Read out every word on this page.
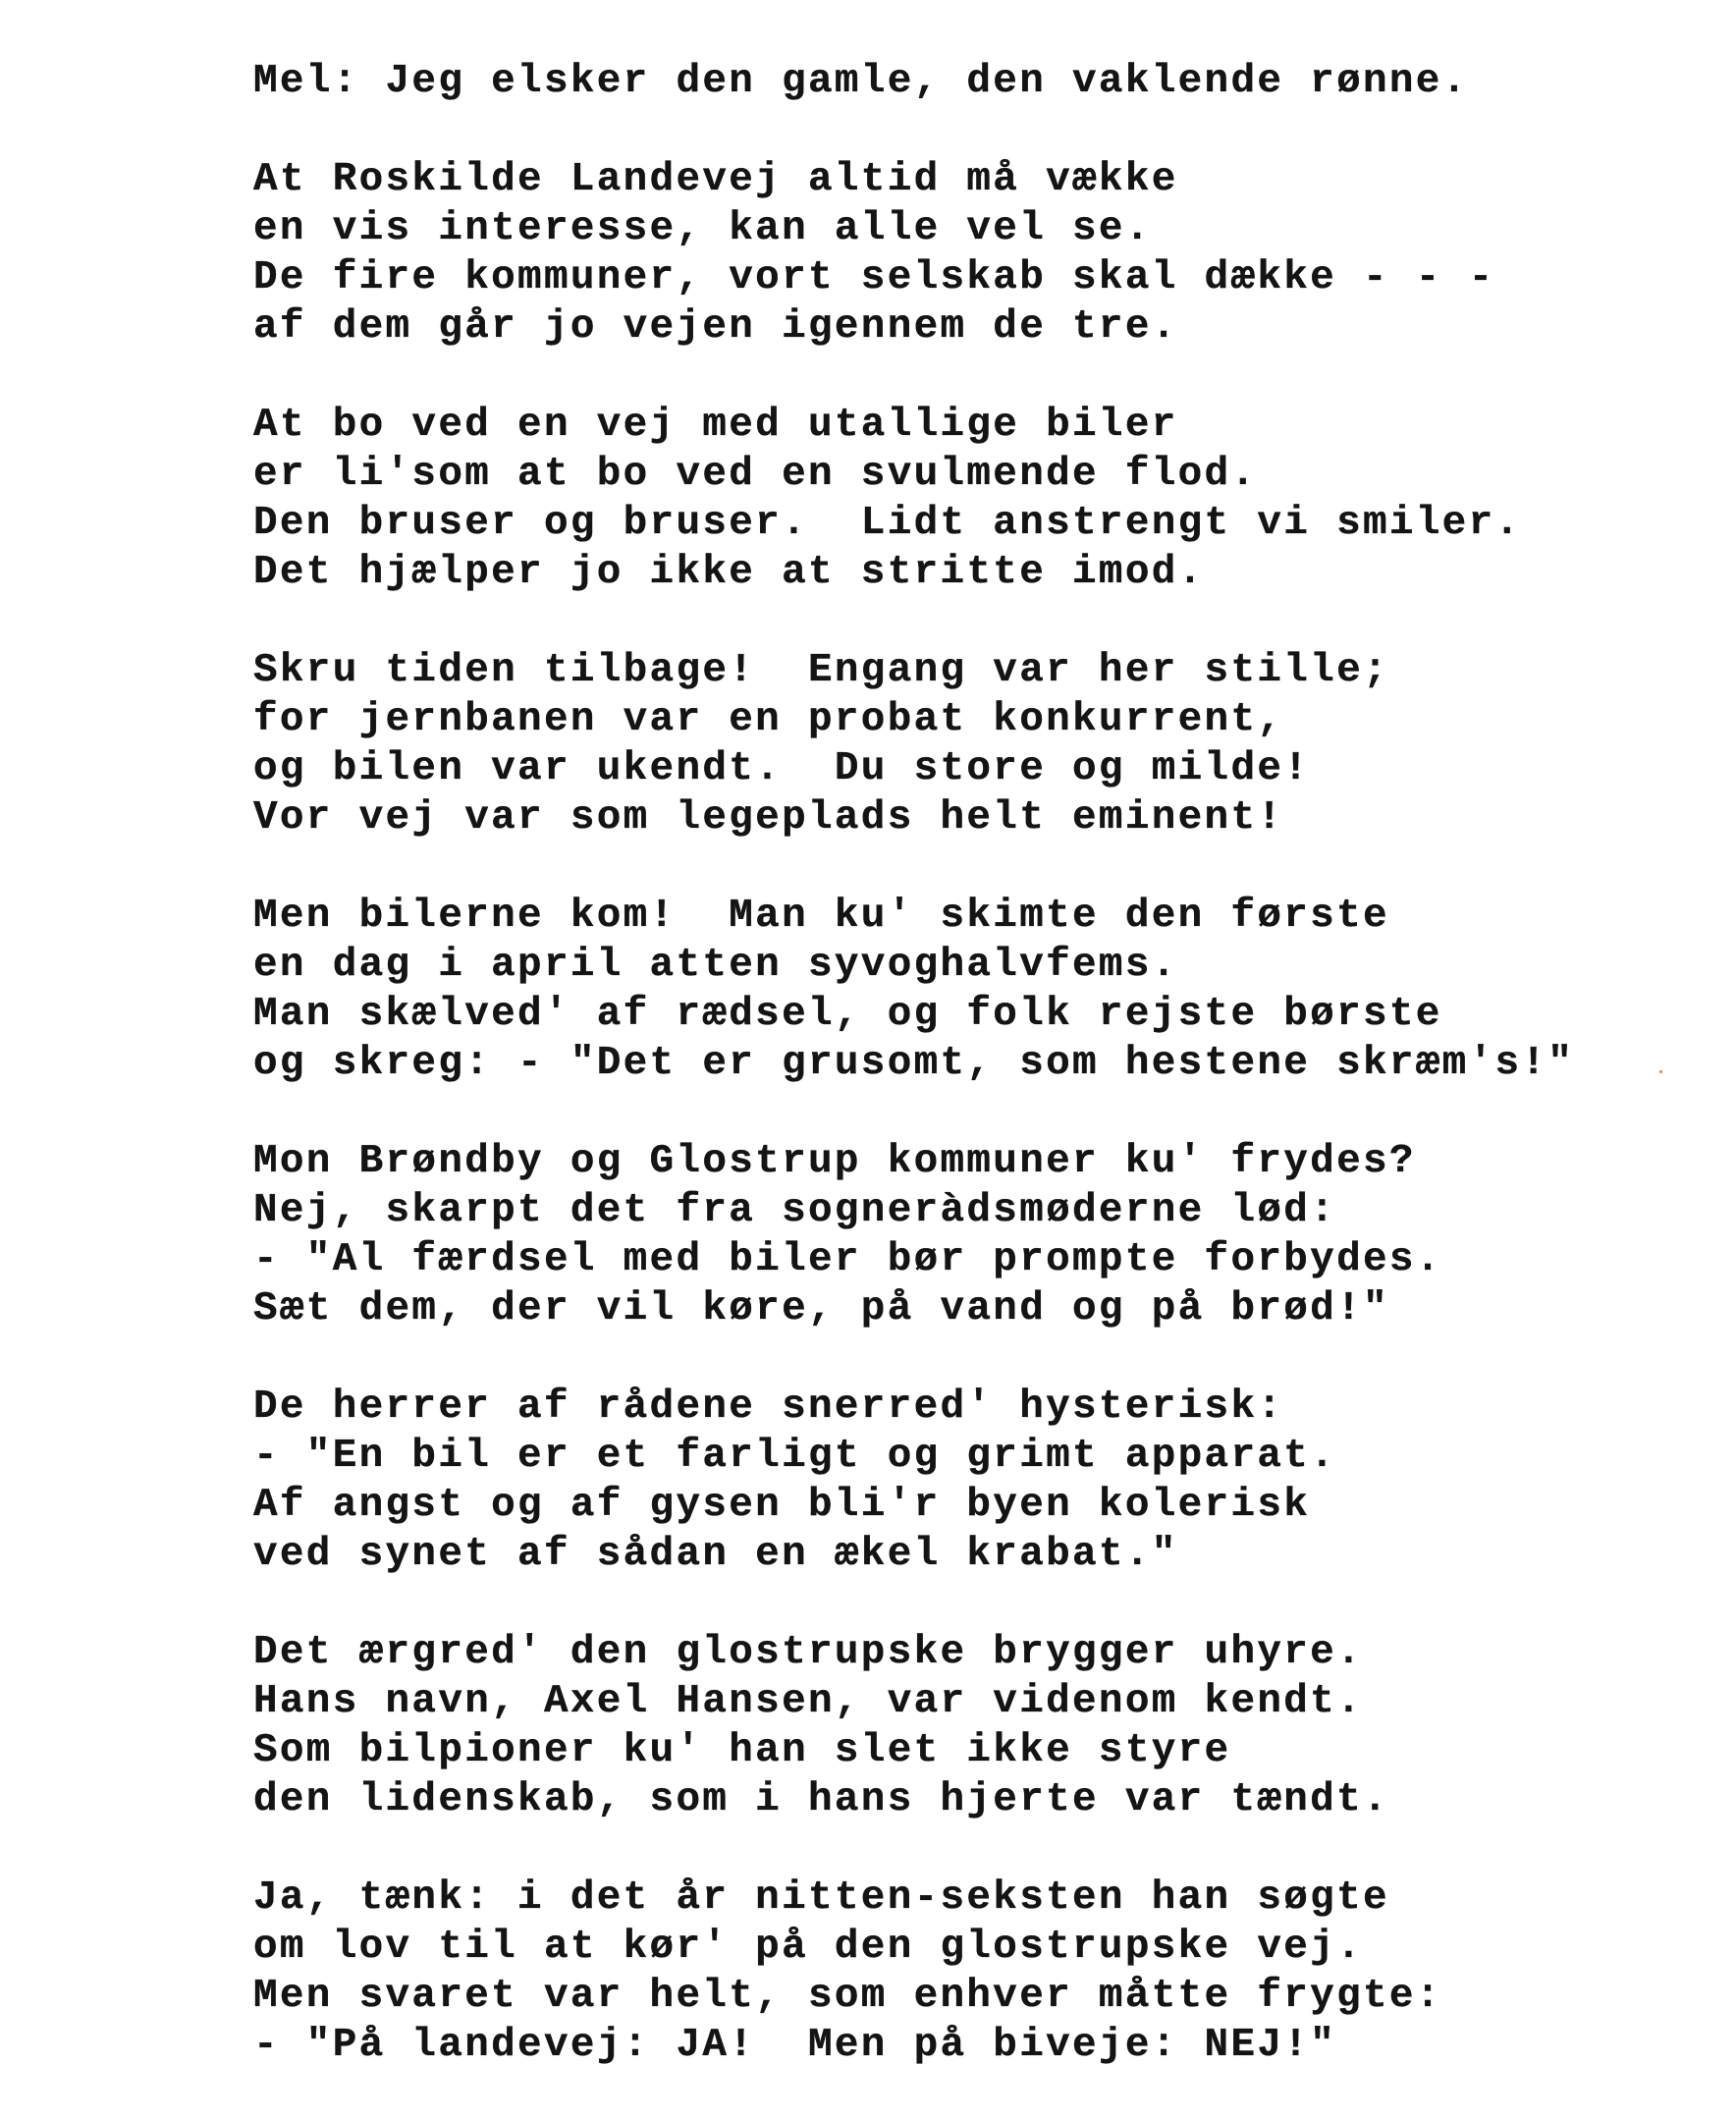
Mel: Jeg elsker den gamle, den vaklende rønne.
At Roskilde Landevej altid må vække
en vis interesse, kan alle vel se.
De fire kommuner, vort selskab skal dække - - -
af dem går jo vejen igennem de tre.
At bo ved en vej med utallige biler
er li'som at bo ved en svulmende flod.
Den bruser og bruser.  Lidt anstrengt vi smiler.
Det hjælper jo ikke at stritte imod.
Skru tiden tilbage!  Engang var her stille;
for jernbanen var en probat konkurrent,
og bilen var ukendt.  Du store og milde!
Vor vej var som legeplads helt eminent!
Men bilerne kom!  Man ku' skimte den første
en dag i april atten syvoghalvfems.
Man skælved' af rædsel, og folk rejste børste
og skreg: - "Det er grusomt, som hestene skræm's!"
Mon Brøndby og Glostrup kommuner ku' frydes?
Nej, skarpt det fra sogneràdsmøderne lød:
- "Al færdsel med biler bør prompte forbydes.
Sæt dem, der vil køre, på vand og på brød!"
De herrer af rådene snerred' hysterisk:
- "En bil er et farligt og grimt apparat.
Af angst og af gysen bli'r byen kolerisk
ved synet af sådan en ækel krabat."
Det ærgred' den glostrupske brygger uhyre.
Hans navn, Axel Hansen, var videnom kendt.
Som bilpioner ku' han slet ikke styre
den lidenskab, som i hans hjerte var tændt.
Ja, tænk: i det år nitten-seksten han søgte
om lov til at kør' på den glostrupske vej.
Men svaret var helt, som enhver måtte frygte:
- "På landevej: JA!  Men på biveje: NEJ!"
